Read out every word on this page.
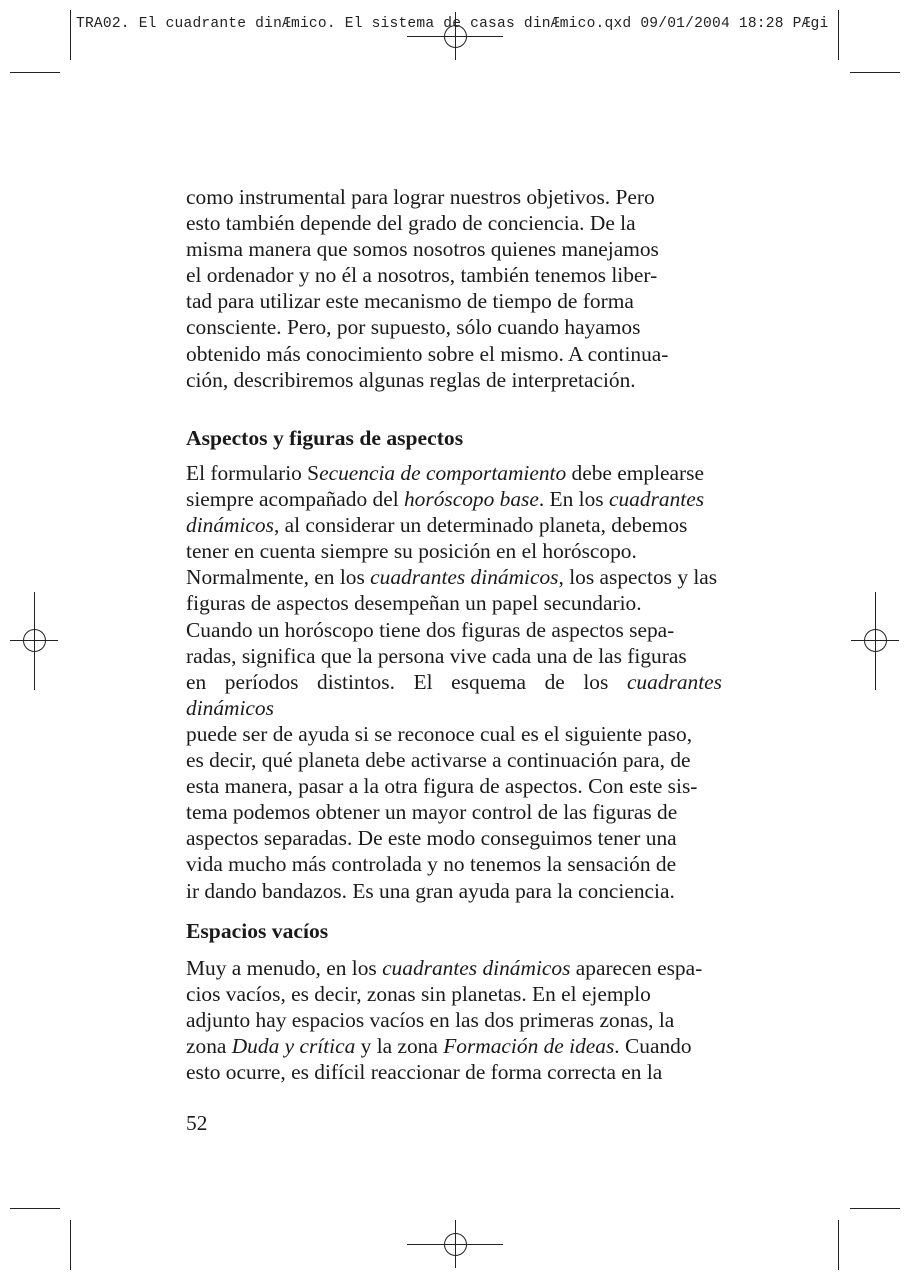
TRA02. El cuadrante dinÆmico. El sistema de casas dinÆmico.qxd 09/01/2004 18:28 PÆgi

como instrumental para lograr nuestros objetivos. Pero

esto también depende del grado de conciencia. De la

misma manera que somos nosotros quienes manejamos

el ordenador y no él a nosotros, también tenemos liber-

tad para utilizar este mecanismo de tiempo de forma

consciente. Pero, por supuesto, sólo cuando hayamos

obtenido más conocimiento sobre el mismo. A continua-

ción, describiremos algunas reglas de interpretación.

Aspectos y figuras de aspectos

El formulario Secuencia de comportamiento debe emplearse

siempre acompañado del horóscopo base. En los cuadrantes

dinámicos, al considerar un determinado planeta, debemos

tener en cuenta siempre su posición en el horóscopo.

Normalmente, en los cuadrantes dinámicos, los aspectos y las

figuras de aspectos desempeñan un papel secundario.

Cuando un horóscopo tiene dos figuras de aspectos sepa-

radas, significa que la persona vive cada una de las figuras

en períodos distintos. El esquema de los cuadrantes dinámicos

puede ser de ayuda si se reconoce cual es el siguiente paso,

es decir, qué planeta debe activarse a continuación para, de

esta manera, pasar a la otra figura de aspectos. Con este sis-

tema podemos obtener un mayor control de las figuras de

aspectos separadas. De este modo conseguimos tener una

vida mucho más controlada y no tenemos la sensación de

ir dando bandazos. Es una gran ayuda para la conciencia.

Espacios vacíos

Muy a menudo, en los cuadrantes dinámicos aparecen espa-

cios vacíos, es decir, zonas sin planetas. En el ejemplo

adjunto hay espacios vacíos en las dos primeras zonas, la

zona Duda y crítica y la zona Formación de ideas. Cuando

esto ocurre, es difícil reaccionar de forma correcta en la

52
